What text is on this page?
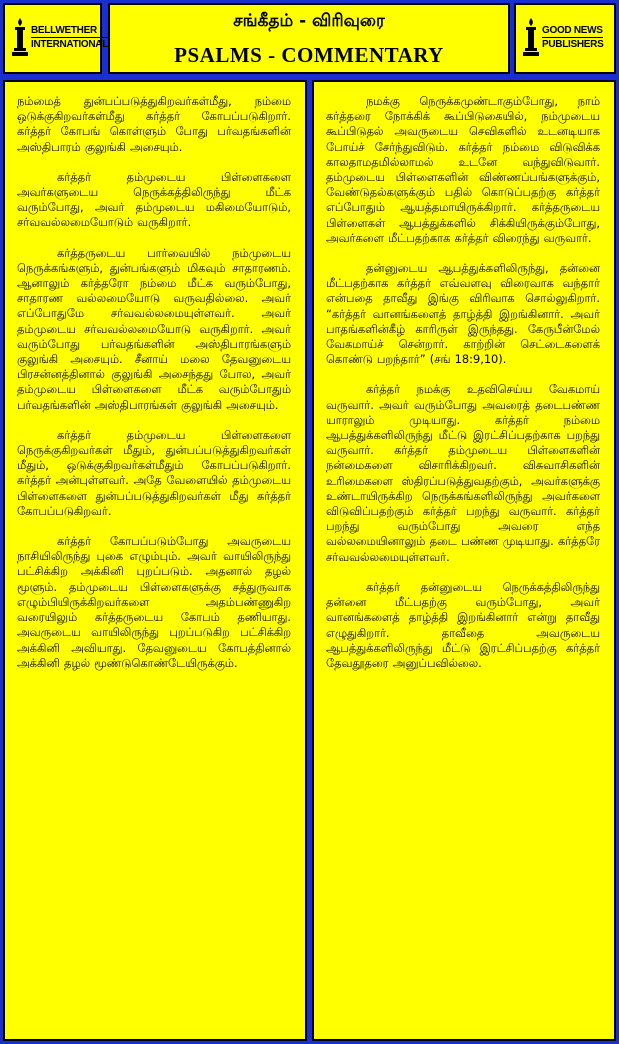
BELLWETHER
INTERNATIONAL
சங்கீதம் - விரிவுரை
PSALMS - COMMENTARY
GOOD NEWS
PUBLISHERS

நம்மைத் துன்பப்படுத்துகிறவர்கள்மீது, நம்மை ஒடுக்குகிறவர்கள்மீது கர்த்தர் கோபப்படுகிறார். கர்த்தர் கோபங் கொள்ளும் போது பர்வதங்களின் அஸ்திபாரம் குலுங்கி அசையும்.

கர்த்தர் தம்முடைய பிள்ளைகளை அவர்களுடைய நெருக்கத்திலிருந்து மீட்க வரும்போது, அவர் தம்முடைய மகிமையோடும், சர்வவல்லமையோடும் வருகிறார்.

கர்த்தருடைய பார்வையில் நம்முடைய நெருக்கங்களும், துன்பங்களும் மிகவும் சாதாரணம். ஆனாலும் கர்த்தரோ நம்மை மீட்க வரும்போது, சாதாரண வல்லமையோடு வருவதில்லை. அவர் எப்போதுமே சர்வவல்லமையுள்ளவர். அவர் தம்முடைய சர்வவல்லமையோடு வருகிறார். அவர் வரும்போது பர்வதங்களின் அஸ்திபாரங்களும் குலுங்கி அசையும். சீனாய் மலை தேவனுடைய பிரசன்னத்தினால் குலுங்கி அசைந்தது போல, அவர் தம்முடைய பிள்ளைகளை மீட்க வரும்போதும் பர்வதங்களின் அஸ்திபாரங்கள் குலுங்கி அசையும்.

கர்த்தர் தம்முடைய பிள்ளைகளை நெருக்குகிறவர்கள் மீதும், துன்பப்படுத்துகிறவர்கள் மீதும், ஒடுக்குகிறவர்கள்மீதும் கோபப்படுகிறார். கர்த்தர் அன்புள்ளவர். அதே வேளையில் தம்முடைய பிள்ளைகளை துன்பப்படுத்துகிறவர்கள் மீது கர்த்தர் கோபப்படுகிறவர்.

கர்த்தர் கோபப்படும்போது அவருடைய நாசியிலிருந்து புகை எழும்பும். அவர் வாயிலிருந்து பட்சிக்கிற அக்கினி புறப்படும். அதனால் தழல் மூளும். தம்முடைய பிள்ளைகளுக்கு சத்துருவாக எழும்பியிருக்கிறவர்களை அதம்பண்ணுகிற வரையிலும் கர்த்தருடைய கோபம் தணியாது. அவருடைய வாயிலிருந்து புறப்படுகிற பட்சிக்கிற அக்கினி அவியாது. தேவனுடைய கோபத்தினால் அக்கினி தழல் மூண்டுகொண்டேயிருக்கும்.

நமக்கு நெருக்கமுண்டாகும்போது, நாம் கர்த்தரை நோக்கிக் கூப்பிடுகையில், நம்முடைய கூப்பிடுதல் அவருடைய செவிகளில் உடனடியாக போய்ச் சேர்ந்துவிடும். கர்த்தர் நம்மை விடுவிக்க காலதாமதமில்லாமல் உடனே வந்துவிடுவார். தம்முடைய பிள்ளைகளின் விண்ணப்பங்களுக்கும், வேண்டுதல்களுக்கும் பதில் கொடுப்பதற்கு கர்த்தர் எப்போதும் ஆயத்தமாயிருக்கிறார். கர்த்தருடைய பிள்ளைகள் ஆபத்துக்களில் சிக்கியிருக்கும்போது, அவர்களை மீட்பதற்காக கர்த்தர் விரைந்து வருவார்.

தன்னுடைய ஆபத்துக்களிலிருந்து, தன்னை மீட்பதற்காக கர்த்தர் எவ்வளவு விரைவாக வந்தார் என்பதை தாவீது இங்கு விரிவாக சொல்லுகிறார். “கர்த்தர் வானங்களைத் தாழ்த்தி இறங்கினார். அவர் பாதங்களின்கீழ் காரிருள் இருந்தது. கேருபீன்மேல் வேகமாய்ச் சென்றார். காற்றின் செட்டைகளைக் கொண்டு பறந்தார்” (சங் 18:9,10).

கர்த்தர் நமக்கு உதவிசெய்ய வேகமாய் வருவார். அவர் வரும்போது அவரைத் தடைபண்ண யாராலும் முடியாது. கர்த்தர் நம்மை ஆபத்துக்களிலிருந்து மீட்டு இரட்சிப்பதற்காக பறந்து வருவார். கர்த்தர் தம்முடைய பிள்ளைகளின் நன்மைகளை விசாரிக்கிறவர். விசுவாசிகளின் உரிமைகளை ஸ்திரப்படுத்துவதற்கும், அவர்களுக்கு உண்டாயிருக்கிற நெருக்கங்களிலிருந்து அவர்களை விடுவிப்பதற்கும் கர்த்தர் பறந்து வருவார். கர்த்தர் பறந்து வரும்போது அவரை எந்த வல்லமையினாலும் தடை பண்ண முடியாது. கர்த்தரே சர்வவல்லமையுள்ளவர்.

கர்த்தர் தன்னுடைய நெருக்கத்திலிருந்து தன்னை மீட்பதற்கு வரும்போது, அவர் வானங்களைத் தாழ்த்தி இறங்கினார் என்று தாவீது எழுதுகிறார். தாவீதை அவருடைய ஆபத்துக்களிலிருந்து மீட்டு இரட்சிப்பதற்கு கர்த்தர் தேவதூதரை அனுப்பவில்லை.
